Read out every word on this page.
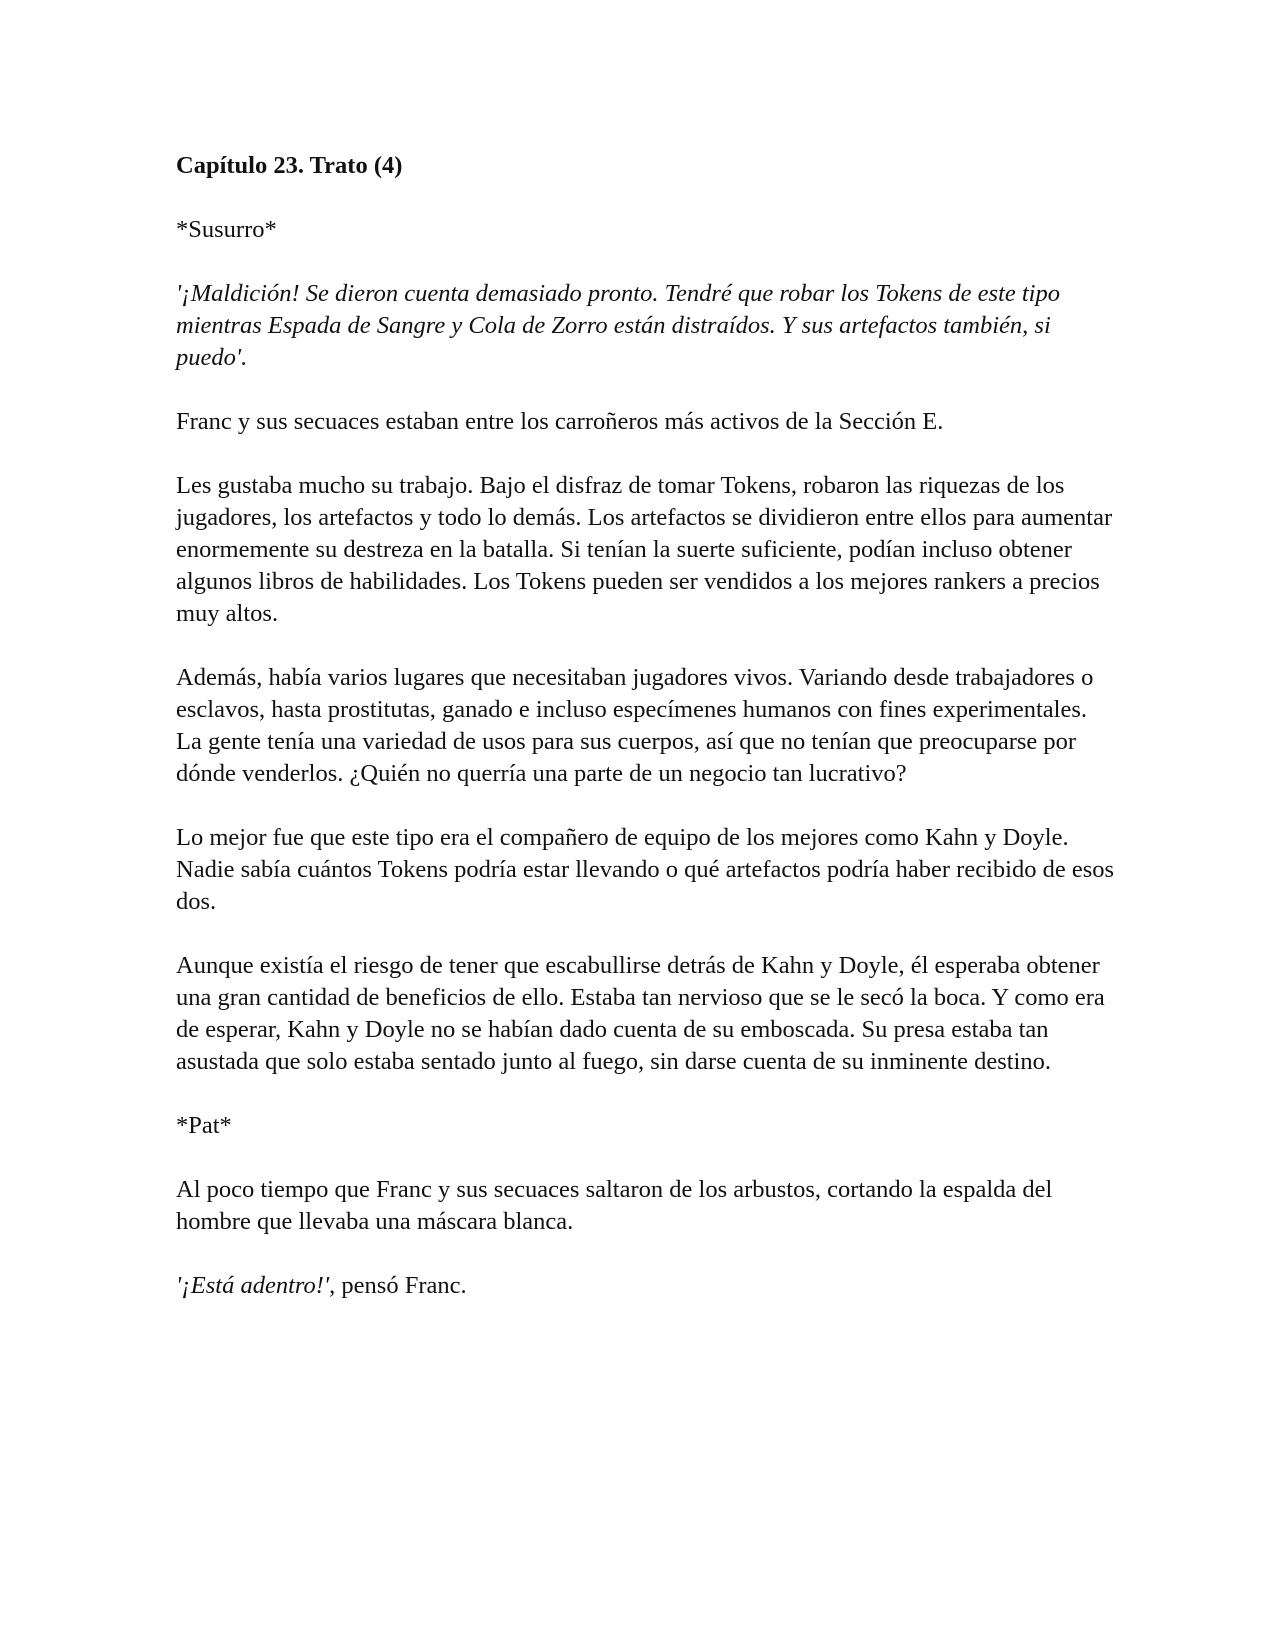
Capítulo 23. Trato (4)

*Susurro*

'¡Maldición! Se dieron cuenta demasiado pronto. Tendré que robar los Tokens de este tipo mientras Espada de Sangre y Cola de Zorro están distraídos. Y sus artefactos también, si puedo'.

Franc y sus secuaces estaban entre los carroñeros más activos de la Sección E.

Les gustaba mucho su trabajo. Bajo el disfraz de tomar Tokens, robaron las riquezas de los jugadores, los artefactos y todo lo demás. Los artefactos se dividieron entre ellos para aumentar enormemente su destreza en la batalla. Si tenían la suerte suficiente, podían incluso obtener algunos libros de habilidades. Los Tokens pueden ser vendidos a los mejores rankers a precios muy altos.

Además, había varios lugares que necesitaban jugadores vivos. Variando desde trabajadores o esclavos, hasta prostitutas, ganado e incluso especímenes humanos con fines experimentales. La gente tenía una variedad de usos para sus cuerpos, así que no tenían que preocuparse por dónde venderlos. ¿Quién no querría una parte de un negocio tan lucrativo?

Lo mejor fue que este tipo era el compañero de equipo de los mejores como Kahn y Doyle. Nadie sabía cuántos Tokens podría estar llevando o qué artefactos podría haber recibido de esos dos.

Aunque existía el riesgo de tener que escabullirse detrás de Kahn y Doyle, él esperaba obtener una gran cantidad de beneficios de ello. Estaba tan nervioso que se le secó la boca. Y como era de esperar, Kahn y Doyle no se habían dado cuenta de su emboscada. Su presa estaba tan asustada que solo estaba sentado junto al fuego, sin darse cuenta de su inminente destino.

*Pat*

Al poco tiempo que Franc y sus secuaces saltaron de los arbustos, cortando la espalda del hombre que llevaba una máscara blanca.

'¡Está adentro!', pensó Franc.
